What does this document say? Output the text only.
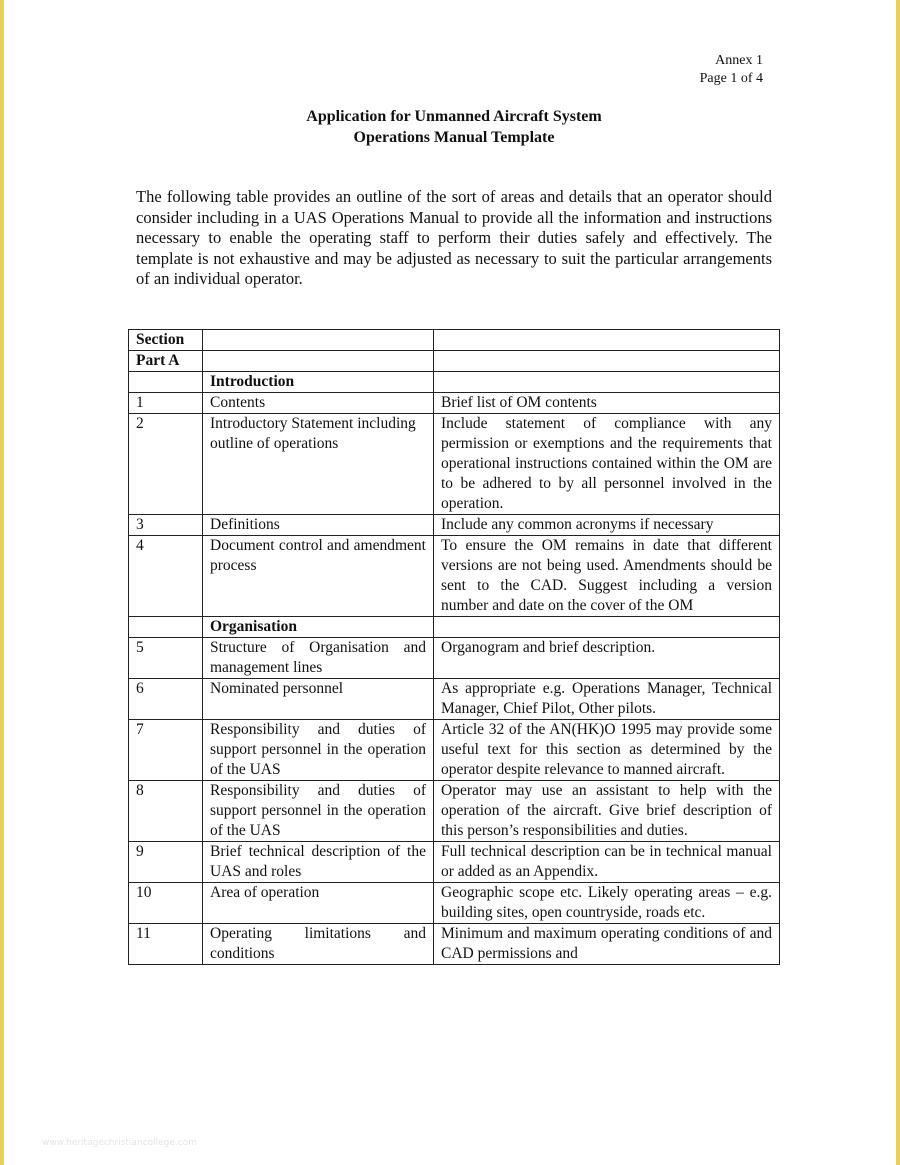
Annex 1
Page 1 of 4
Application for Unmanned Aircraft System
Operations Manual Template
The following table provides an outline of the sort of areas and details that an operator should consider including in a UAS Operations Manual to provide all the information and instructions necessary to enable the operating staff to perform their duties safely and effectively. The template is not exhaustive and may be adjusted as necessary to suit the particular arrangements of an individual operator.
Section		
Part A		
	Introduction	
1	Contents	Brief list of OM contents
2	Introductory Statement including outline of operations	Include statement of compliance with any permission or exemptions and the requirements that operational instructions contained within the OM are to be adhered to by all personnel involved in the operation.
3	Definitions	Include any common acronyms if necessary
4	Document control and amendment process	To ensure the OM remains in date that different versions are not being used. Amendments should be sent to the CAD. Suggest including a version number and date on the cover of the OM
	Organisation	
5	Structure of Organisation and management lines	Organogram and brief description.
6	Nominated personnel	As appropriate e.g. Operations Manager, Technical Manager, Chief Pilot, Other pilots.
7	Responsibility and duties of support personnel in the operation of the UAS	Article 32 of the AN(HK)O 1995 may provide some useful text for this section as determined by the operator despite relevance to manned aircraft.
8	Responsibility and duties of support personnel in the operation of the UAS	Operator may use an assistant to help with the operation of the aircraft. Give brief description of this person’s responsibilities and duties.
9	Brief technical description of the UAS and roles	Full technical description can be in technical manual or added as an Appendix.
10	Area of operation	Geographic scope etc. Likely operating areas – e.g. building sites, open countryside, roads etc.
11	Operating limitations and conditions	Minimum and maximum operating conditions of and CAD permissions and
www.heritagechristiancollege.com
